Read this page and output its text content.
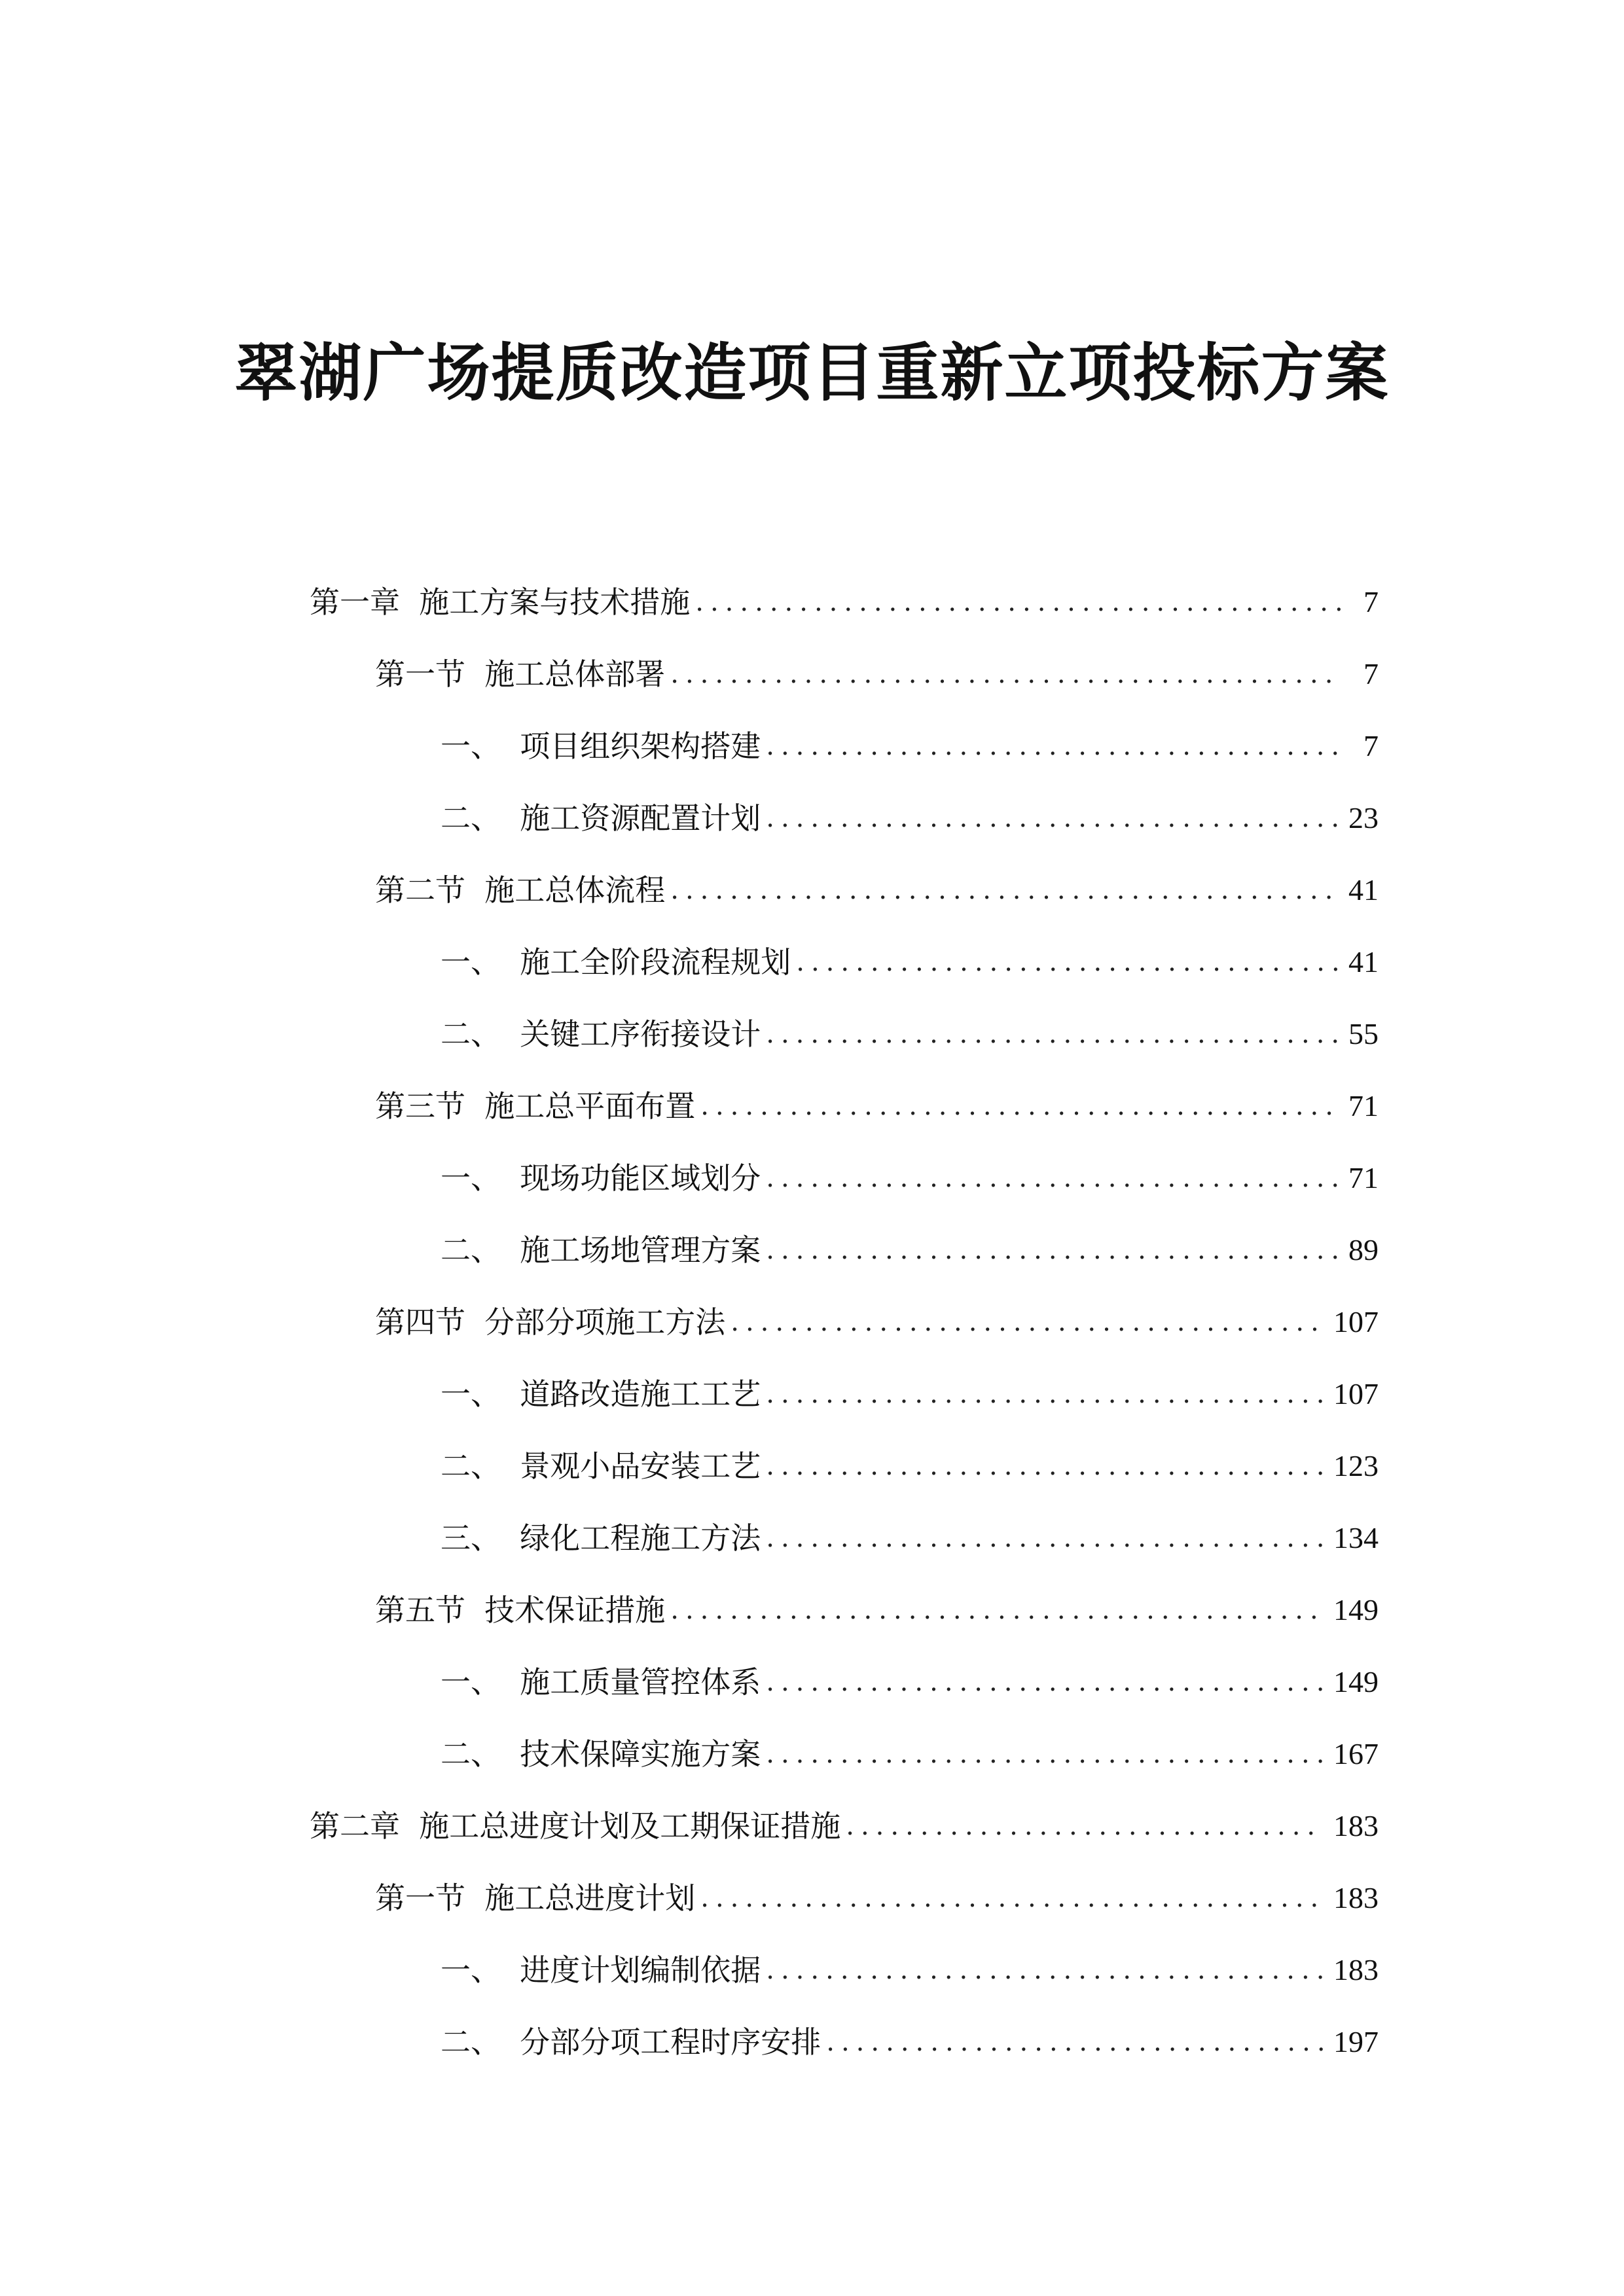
翠湖广场提质改造项目重新立项投标方案
第一章  施工方案与技术措施 .....	7
第一节  施工总体部署 .....	7
一、  项目组织架构搭建 .....	7
二、  施工资源配置计划 .....	23
第二节  施工总体流程 .....	41
一、  施工全阶段流程规划 .....	41
二、  关键工序衔接设计 .....	55
第三节  施工总平面布置 .....	71
一、  现场功能区域划分 .....	71
二、  施工场地管理方案 .....	89
第四节  分部分项施工方法 .....	107
一、  道路改造施工工艺 .....	107
二、  景观小品安装工艺 .....	123
三、  绿化工程施工方法 .....	134
第五节  技术保证措施 .....	149
一、  施工质量管控体系 .....	149
二、  技术保障实施方案 .....	167
第二章  施工总进度计划及工期保证措施 .....	183
第一节  施工总进度计划 .....	183
一、  进度计划编制依据 .....	183
二、  分部分项工程时序安排 .....	197
